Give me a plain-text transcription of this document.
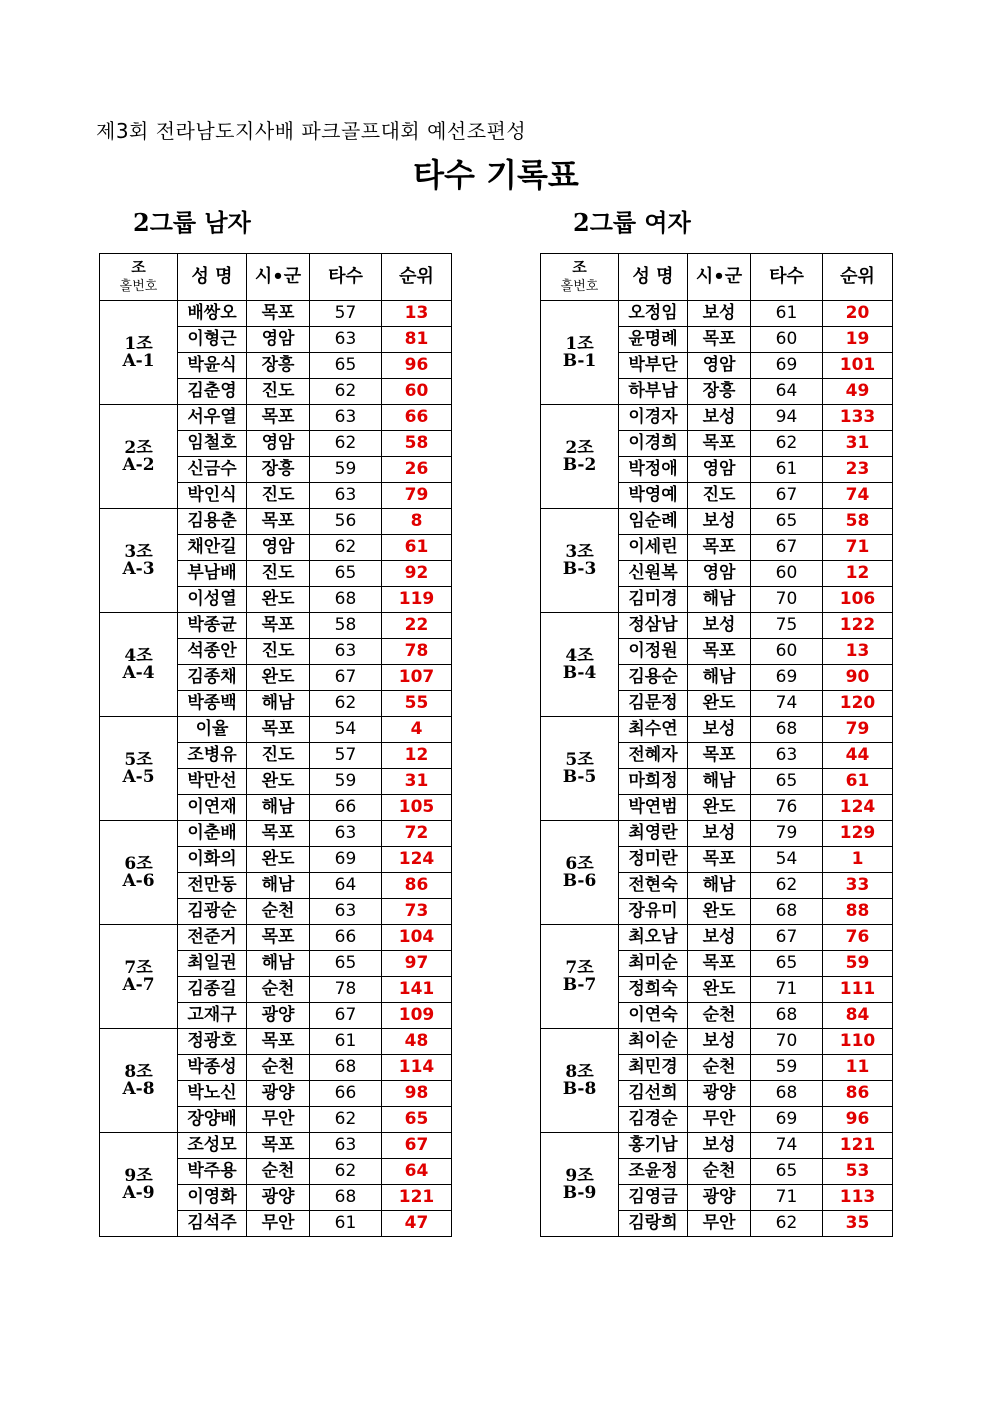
제3회 전라남도지사배 파크골프대회 예선조편성
타수 기록표
2그룹 남자	2그룹 여자
조
홀번호	성 명	시•군	타수	순위

1조
A-1	배쌍오	목포	57	13
	이형근	영암	63	81
	박윤식	장흥	65	96
	김춘영	진도	62	60

2조
A-2	서우열	목포	63	66
	임철호	영암	62	58
	신금수	장흥	59	26
	박인식	진도	63	79

3조
A-3	김용춘	목포	56	8
	채안길	영암	62	61
	부남배	진도	65	92
	이성열	완도	68	119

4조
A-4	박종균	목포	58	22
	석종안	진도	63	78
	김종채	완도	67	107
	박종백	해남	62	55

5조
A-5	이율	목포	54	4
	조병유	진도	57	12
	박만선	완도	59	31
	이연재	해남	66	105

6조
A-6	이춘배	목포	63	72
	이화의	완도	69	124
	전만동	해남	64	86
	김광순	순천	63	73

7조
A-7	전준거	목포	66	104
	최일권	해남	65	97
	김종길	순천	78	141
	고재구	광양	67	109

8조
A-8	정광호	목포	61	48
	박종성	순천	68	114
	박노신	광양	66	98
	장양배	무안	62	65

9조
A-9	조성모	목포	63	67
	박주용	순천	62	64
	이영화	광양	68	121
	김석주	무안	61	47
조
홀번호	성 명	시•군	타수	순위

1조
B-1	오정임	보성	61	20
	윤명례	목포	60	19
	박부단	영암	69	101
	하부남	장흥	64	49

2조
B-2	이경자	보성	94	133
	이경희	목포	62	31
	박정애	영암	61	23
	박영예	진도	67	74

3조
B-3	임순례	보성	65	58
	이세린	목포	67	71
	신원복	영암	60	12
	김미경	해남	70	106

4조
B-4	정삼남	보성	75	122
	이정원	목포	60	13
	김용순	해남	69	90
	김문정	완도	74	120

5조
B-5	최수연	보성	68	79
	전혜자	목포	63	44
	마희정	해남	65	61
	박연범	완도	76	124

6조
B-6	최영란	보성	79	129
	정미란	목포	54	1
	전현숙	해남	62	33
	장유미	완도	68	88

7조
B-7	최오남	보성	67	76
	최미순	목포	65	59
	정희숙	완도	71	111
	이연숙	순천	68	84

8조
B-8	최이순	보성	70	110
	최민경	순천	59	11
	김선희	광양	68	86
	김경순	무안	69	96

9조
B-9	홍기남	보성	74	121
	조윤정	순천	65	53
	김영금	광양	71	113
	김랑희	무안	62	35
